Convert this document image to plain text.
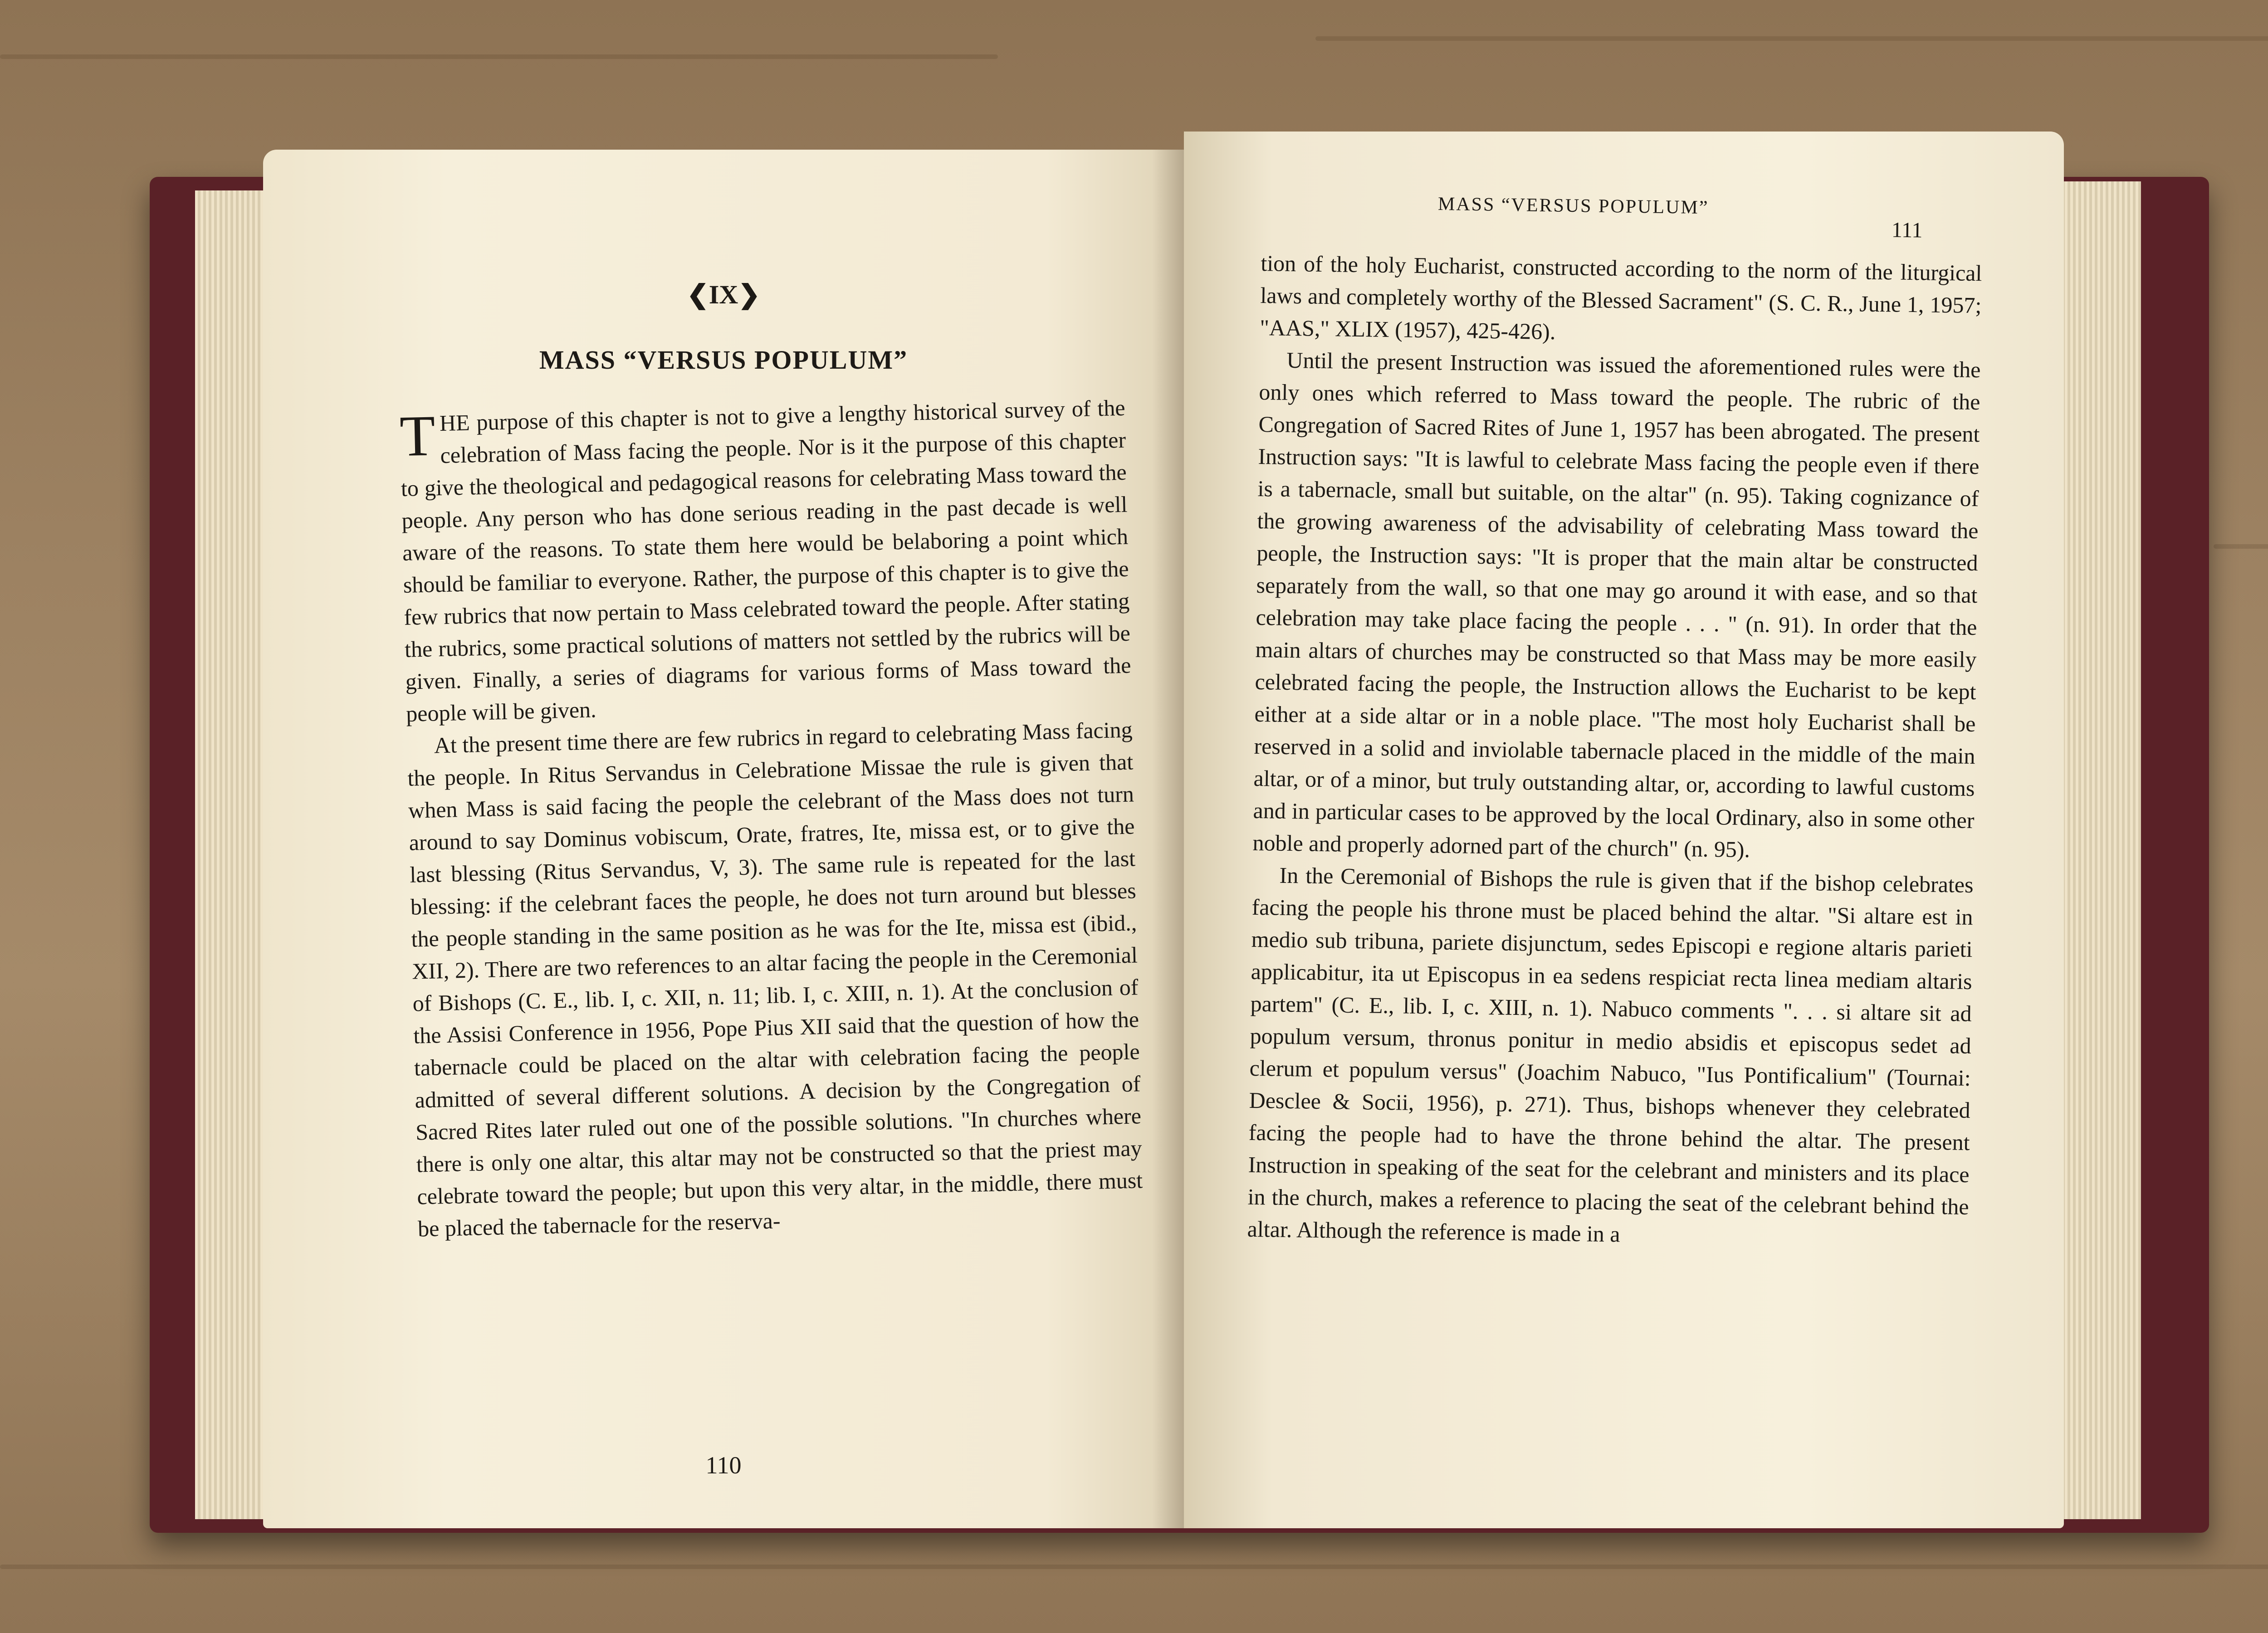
❮IX❯
MASS “VERSUS POPULUM”

THE purpose of this chapter is not to give a lengthy historical survey of the celebration of Mass facing the people. Nor is it the purpose of this chapter to give the theological and pedagogical reasons for celebrating Mass toward the people. Any person who has done serious reading in the past decade is well aware of the reasons. To state them here would be belaboring a point which should be familiar to everyone. Rather, the purpose of this chapter is to give the few rubrics that now pertain to Mass celebrated toward the people. After stating the rubrics, some practical solutions of matters not settled by the rubrics will be given. Finally, a series of diagrams for various forms of Mass toward the people will be given.

At the present time there are few rubrics in regard to celebrating Mass facing the people. In Ritus Servandus in Celebratione Missae the rule is given that when Mass is said facing the people the celebrant of the Mass does not turn around to say Dominus vobiscum, Orate, fratres, Ite, missa est, or to give the last blessing (Ritus Servandus, V, 3). The same rule is repeated for the last blessing: if the celebrant faces the people, he does not turn around but blesses the people standing in the same position as he was for the Ite, missa est (ibid., XII, 2). There are two references to an altar facing the people in the Ceremonial of Bishops (C. E., lib. I, c. XII, n. 11; lib. I, c. XIII, n. 1). At the conclusion of the Assisi Conference in 1956, Pope Pius XII said that the question of how the tabernacle could be placed on the altar with celebration facing the people admitted of several different solutions. A decision by the Congregation of Sacred Rites later ruled out one of the possible solutions. "In churches where there is only one altar, this altar may not be constructed so that the priest may celebrate toward the people; but upon this very altar, in the middle, there must be placed the tabernacle for the reserva-

110
MASS “VERSUS POPULUM”
111

tion of the holy Eucharist, constructed according to the norm of the liturgical laws and completely worthy of the Blessed Sacrament" (S. C. R., June 1, 1957; "AAS," XLIX (1957), 425-426).

Until the present Instruction was issued the aforementioned rules were the only ones which referred to Mass toward the people. The rubric of the Congregation of Sacred Rites of June 1, 1957 has been abrogated. The present Instruction says: "It is lawful to celebrate Mass facing the people even if there is a tabernacle, small but suitable, on the altar" (n. 95). Taking cognizance of the growing awareness of the advisability of celebrating Mass toward the people, the Instruction says: "It is proper that the main altar be constructed separately from the wall, so that one may go around it with ease, and so that celebration may take place facing the people . . . " (n. 91). In order that the main altars of churches may be constructed so that Mass may be more easily celebrated facing the people, the Instruction allows the Eucharist to be kept either at a side altar or in a noble place. "The most holy Eucharist shall be reserved in a solid and inviolable tabernacle placed in the middle of the main altar, or of a minor, but truly outstanding altar, or, according to lawful customs and in particular cases to be approved by the local Ordinary, also in some other noble and properly adorned part of the church" (n. 95).

In the Ceremonial of Bishops the rule is given that if the bishop celebrates facing the people his throne must be placed behind the altar. "Si altare est in medio sub tribuna, pariete disjunctum, sedes Episcopi e regione altaris parieti applicabitur, ita ut Episcopus in ea sedens respiciat recta linea mediam altaris partem" (C. E., lib. I, c. XIII, n. 1). Nabuco comments ". . . si altare sit ad populum versum, thronus ponitur in medio absidis et episcopus sedet ad clerum et populum versus" (Joachim Nabuco, "Ius Pontificalium" (Tournai: Desclee & Socii, 1956), p. 271). Thus, bishops whenever they celebrated facing the people had to have the throne behind the altar. The present Instruction in speaking of the seat for the celebrant and ministers and its place in the church, makes a reference to placing the seat of the celebrant behind the altar. Although the reference is made in a
